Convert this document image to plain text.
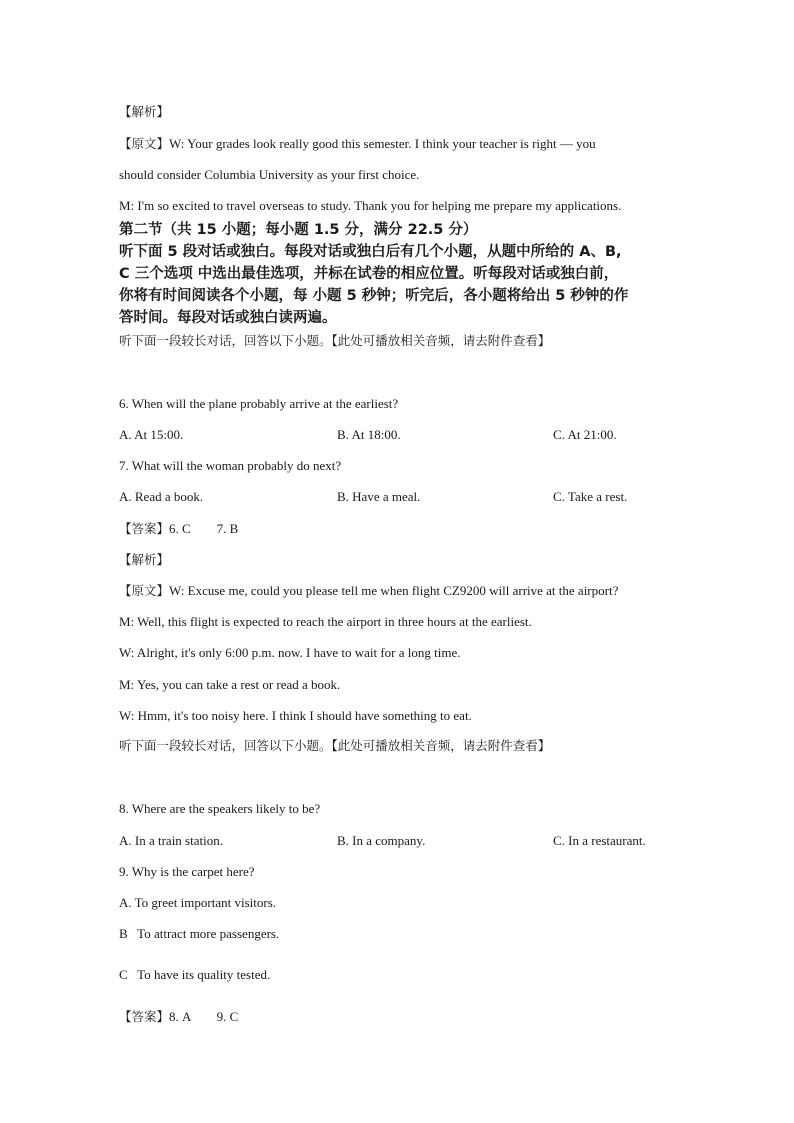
【解析】
【原文】W: Your grades look really good this semester. I think your teacher is right — you
should consider Columbia University as your first choice.
M: I'm so excited to travel overseas to study. Thank you for helping me prepare my applications.
第二节（共 15 小题；每小题 1.5 分，满分 22.5 分）
听下面 5 段对话或独白。每段对话或独白后有几个小题，从题中所给的 A、B,
C 三个选项 中选出最佳选项，并标在试卷的相应位置。听每段对话或独白前，
你将有时间阅读各个小题，每 小题 5 秒钟；听完后，各小题将给出 5 秒钟的作
答时间。每段对话或独白读两遍。
听下面一段较长对话，回答以下小题。【此处可播放相关音频，请去附件查看】
6. When will the plane probably arrive at the earliest?
A. At 15:00.	B. At 18:00.	C. At 21:00.
7. What will the woman probably do next?
A. Read a book.	B. Have a meal.	C. Take a rest.
【答案】6. C        7. B
【解析】
【原文】W: Excuse me, could you please tell me when flight CZ9200 will arrive at the airport?
M: Well, this flight is expected to reach the airport in three hours at the earliest.
W: Alright, it's only 6:00 p.m. now. I have to wait for a long time.
M: Yes, you can take a rest or read a book.
W: Hmm, it's too noisy here. I think I should have something to eat.
听下面一段较长对话，回答以下小题。【此处可播放相关音频，请去附件查看】
8. Where are the speakers likely to be?
A. In a train station.	B. In a company.	C. In a restaurant.
9. Why is the carpet here?
A. To greet important visitors.
B   To attract more passengers.
C   To have its quality tested.
【答案】8. A        9. C
